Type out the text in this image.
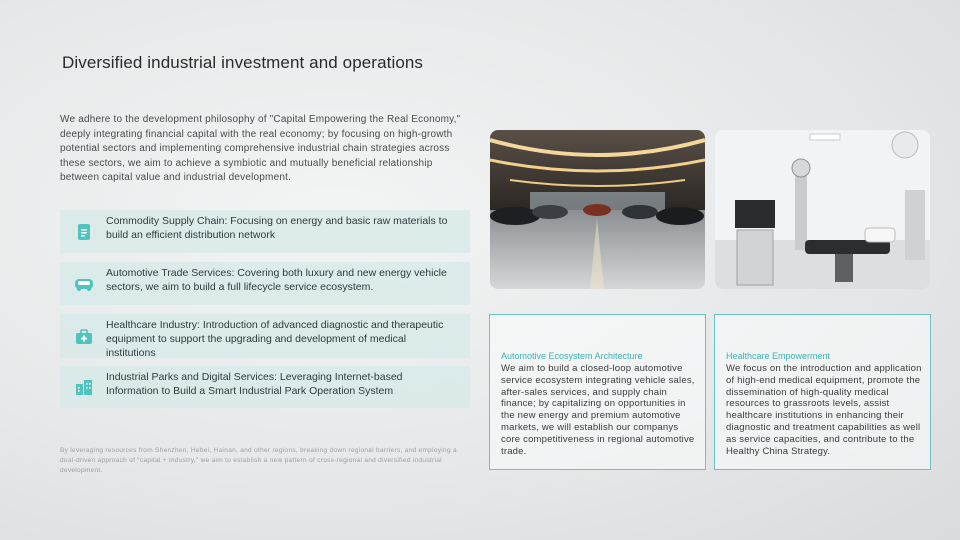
Diversified industrial investment and operations
We adhere to the development philosophy of "Capital Empowering the Real Economy," deeply integrating financial capital with the real economy; by focusing on high-growth potential sectors and implementing comprehensive industrial chain strategies across these sectors, we aim to achieve a symbiotic and mutually beneficial relationship between capital value and industrial development.
Commodity Supply Chain: Focusing on energy and basic raw materials to build an efficient distribution network
Automotive Trade Services: Covering both luxury and new energy vehicle sectors, we aim to build a full lifecycle service ecosystem.
Healthcare Industry: Introduction of advanced diagnostic and therapeutic equipment to support the upgrading and development of medical institutions
Industrial Parks and Digital Services: Leveraging Internet-based Information to Build a Smart Industrial Park Operation System
By leveraging resources from Shenzhen, Hebei, Hainan, and other regions, breaking down regional barriers, and employing a dual-driven approach of "capital + industry," we aim to establish a new pattern of cross-regional and diversified industrial development.
Automotive Ecosystem Architecture
We aim to build a closed-loop automotive service ecosystem integrating vehicle sales, after-sales services, and supply chain finance; by capitalizing on opportunities in the new energy and premium automotive markets, we will establish our companys core competitiveness in regional automotive trade.
Healthcare Empowerment
We focus on the introduction and application of high-end medical equipment, promote the dissemination of high-quality medical resources to grassroots levels, assist healthcare institutions in enhancing their diagnostic and treatment capabilities as well as service capacities, and contribute to the Healthy China Strategy.
